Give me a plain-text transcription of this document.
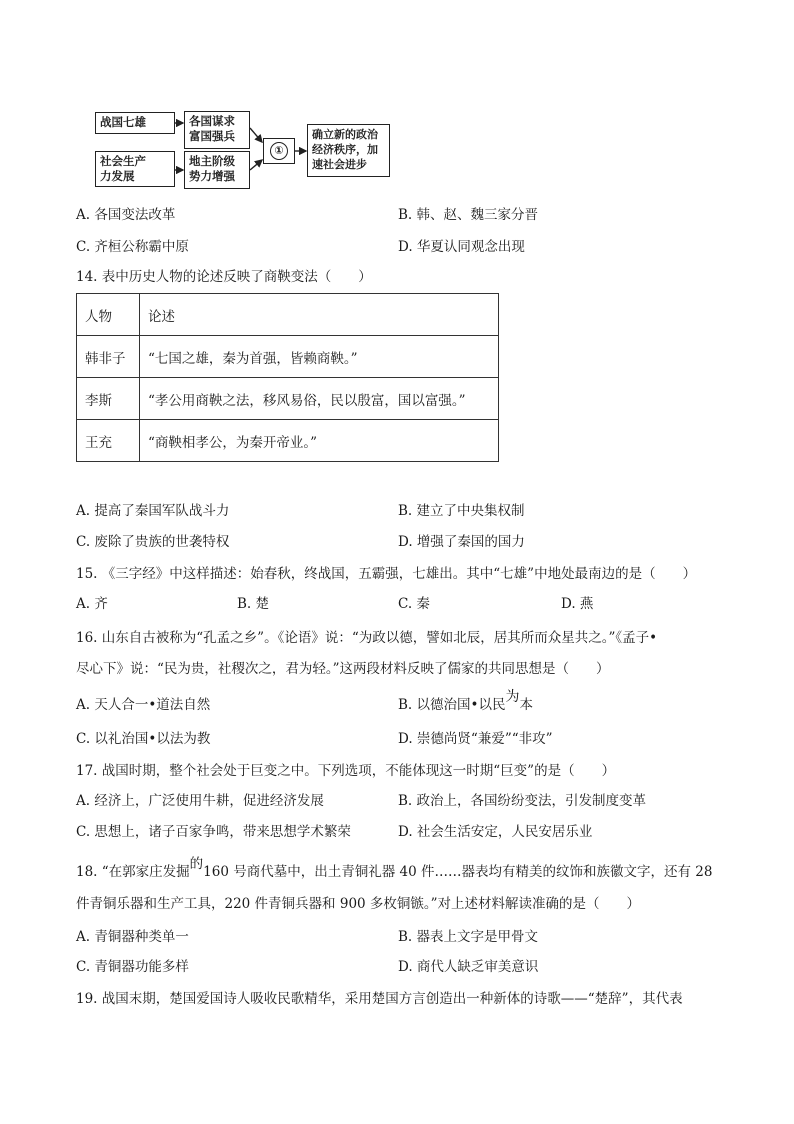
战国七雄	各国谋求
富国强兵
社会生产
力发展
地主阶级
势力增强
①
确立新的政治
经济秩序，加
速社会进步
A. 各国变法改革	B. 韩、赵、魏三家分晋
C. 齐桓公称霸中原	D. 华夏认同观念出现
14. 表中历史人物的论述反映了商鞅变法（　　）
人物	论述
韩非子	“七国之雄，秦为首强，皆赖商鞅。”
李斯	“孝公用商鞅之法，移风易俗，民以殷富，国以富强。”
王充	“商鞅相孝公，为秦开帝业。”
A. 提高了秦国军队战斗力	B. 建立了中央集权制
C. 废除了贵族的世袭特权	D. 增强了秦国的国力
15. 《三字经》中这样描述：始春秋，终战国，五霸强，七雄出。其中“七雄”中地处最南边的是（　　）
A. 齐	B. 楚	C. 秦	D. 燕
16. 山东自古被称为“孔孟之乡”。《论语》说：“为政以德，譬如北辰，居其所而众星共之。”《孟子•
尽心下》说：“民为贵，社稷次之，君为轻。”这两段材料反映了儒家的共同思想是（　　）
A. 天人合一•道法自然	B. 以德治国•以民为本
C. 以礼治国•以法为教	D. 崇德尚贤“兼爱”“非攻”
17. 战国时期，整个社会处于巨变之中。下列选项，不能体现这一时期“巨变”的是（　　）
A. 经济上，广泛使用牛耕，促进经济发展	B. 政治上，各国纷纷变法，引发制度变革
C. 思想上，诸子百家争鸣，带来思想学术繁荣	D. 社会生活安定，人民安居乐业
18. “在郭家庄发掘的160 号商代墓中，出土青铜礼器 40 件……器表均有精美的纹饰和族徽文字，还有 28
件青铜乐器和生产工具，220 件青铜兵器和 900 多枚铜镞。”对上述材料解读准确的是（　　）
A. 青铜器种类单一	B. 器表上文字是甲骨文
C. 青铜器功能多样	D. 商代人缺乏审美意识
19. 战国末期，楚国爱国诗人吸收民歌精华，采用楚国方言创造出一种新体的诗歌——“楚辞”，其代表
